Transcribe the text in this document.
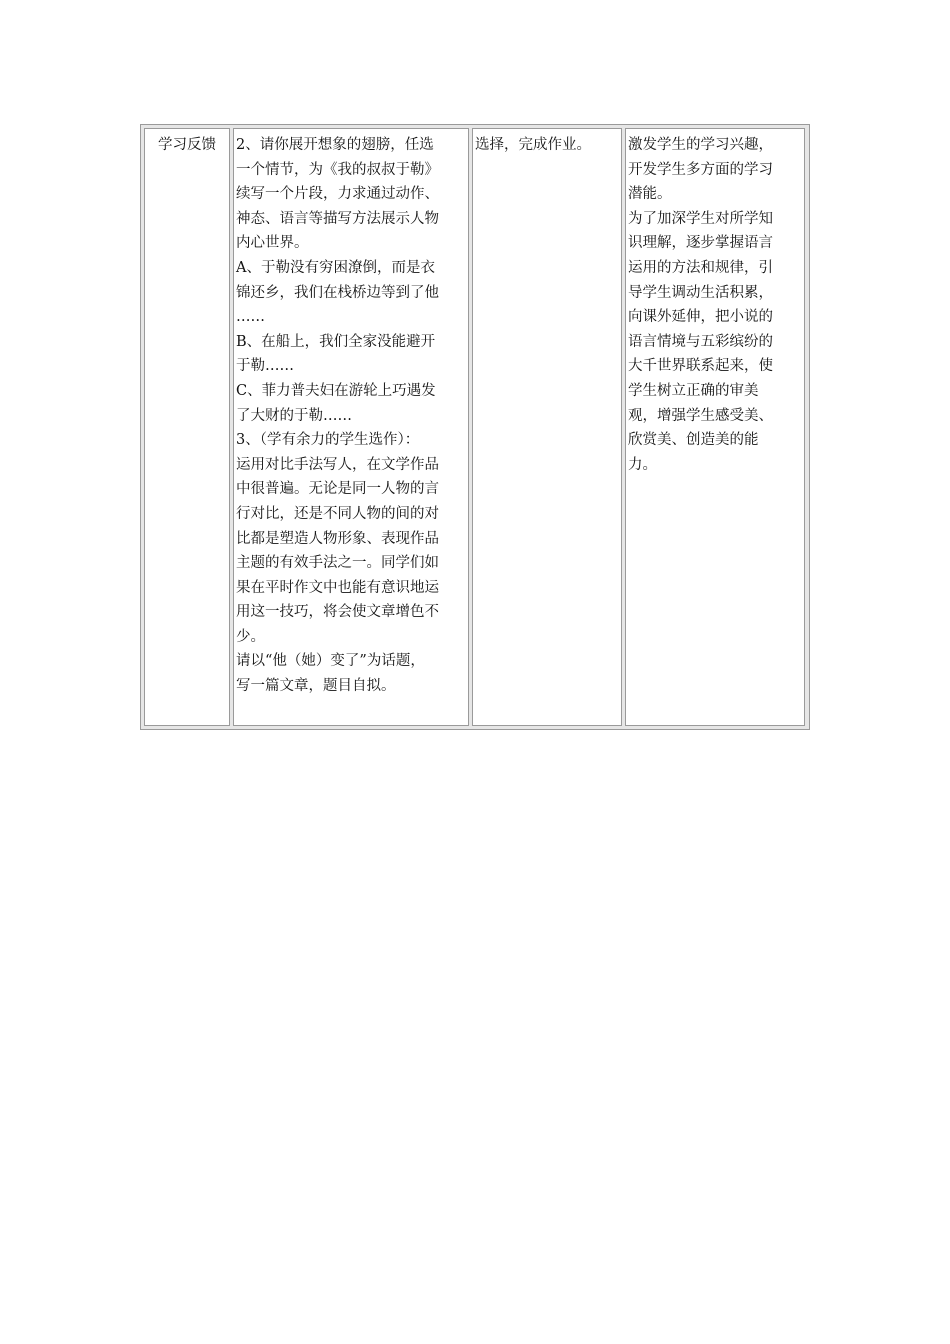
学习反馈	2、请你展开想象的翅膀，任选
一个情节，为《我的叔叔于勒》
续写一个片段，力求通过动作、
神态、语言等描写方法展示人物
内心世界。
A、于勒没有穷困潦倒，而是衣
锦还乡，我们在栈桥边等到了他
……
B、在船上，我们全家没能避开
于勒……
C、菲力普夫妇在游轮上巧遇发
了大财的于勒……
3、（学有余力的学生选作）：
运用对比手法写人，在文学作品
中很普遍。无论是同一人物的言
行对比，还是不同人物的间的对
比都是塑造人物形象、表现作品
主题的有效手法之一。同学们如
果在平时作文中也能有意识地运
用这一技巧，将会使文章增色不
少。
请以“他（她）变了”为话题，
写一篇文章，题目自拟。
选择，完成作业。	激发学生的学习兴趣，
开发学生多方面的学习
潜能。
为了加深学生对所学知
识理解，逐步掌握语言
运用的方法和规律，引
导学生调动生活积累，
向课外延伸，把小说的
语言情境与五彩缤纷的
大千世界联系起来，使
学生树立正确的审美
观，增强学生感受美、
欣赏美、创造美的能
力。
